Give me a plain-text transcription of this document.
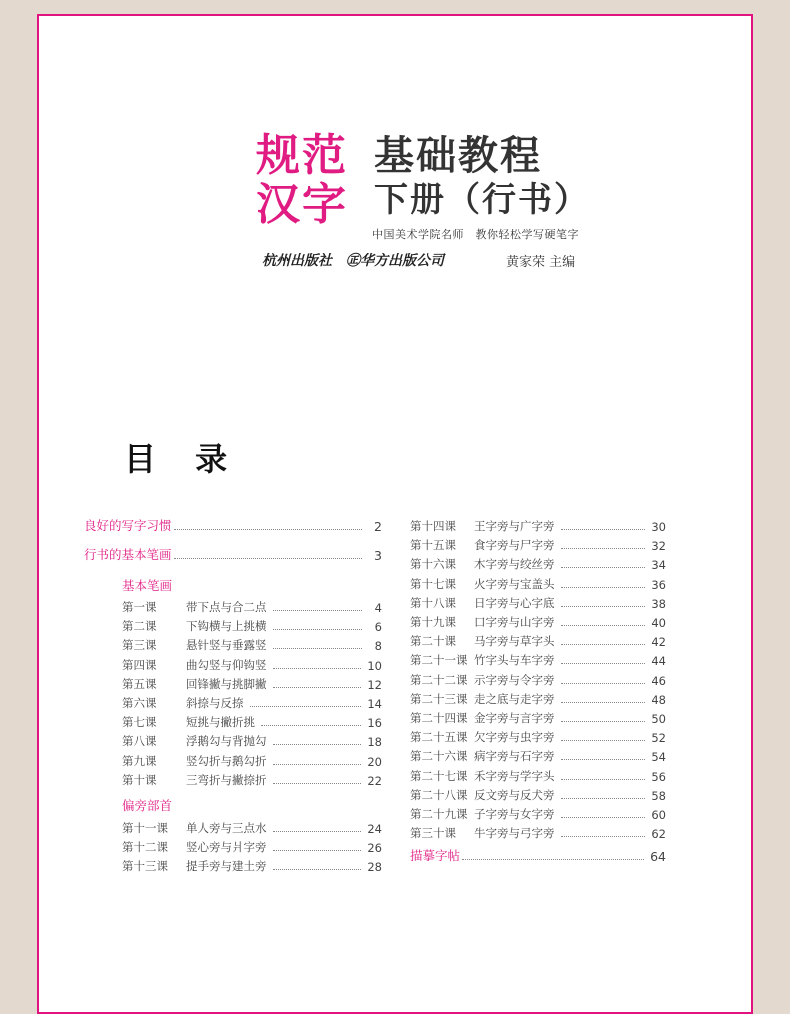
规范
汉字
基础教程
下册（行书）
中国美术学院名师　教你轻松学写硬笔字
杭州出版社 ㊣华方出版公司	黄家荣 主编
目 录
良好的写字习惯	2
行书的基本笔画	3
基本笔画
第一课	带下点与合二点	4
第二课	下钩横与上挑横	6
第三课	悬针竖与垂露竖	8
第四课	曲勾竖与仰钩竖	10
第五课	回锋撇与挑脚撇	12
第六课	斜捺与反捺	14
第七课	短挑与撇折挑	16
第八课	浮鹅勾与背抛勾	18
第九课	竖勾折与鹅勾折	20
第十课	三弯折与撇捺折	22
偏旁部首
第十一课	单人旁与三点水	24
第十二课	竖心旁与爿字旁	26
第十三课	提手旁与建土旁	28
第十四课	王字旁与广字旁	30
第十五课	食字旁与尸字旁	32
第十六课	木字旁与绞丝旁	34
第十七课	火字旁与宝盖头	36
第十八课	日字旁与心字底	38
第十九课	口字旁与山字旁	40
第二十课	马字旁与草字头	42
第二十一课 竹字头与车字旁	44
第二十二课 示字旁与令字旁	46
第二十三课 走之底与走字旁	48
第二十四课 金字旁与言字旁	50
第二十五课 欠字旁与虫字旁	52
第二十六课 病字旁与石字旁	54
第二十七课 禾字旁与学字头	56
第二十八课 反文旁与反犬旁	58
第二十九课 子字旁与女字旁	60
第三十课	牛字旁与弓字旁	62
描摹字帖	64
